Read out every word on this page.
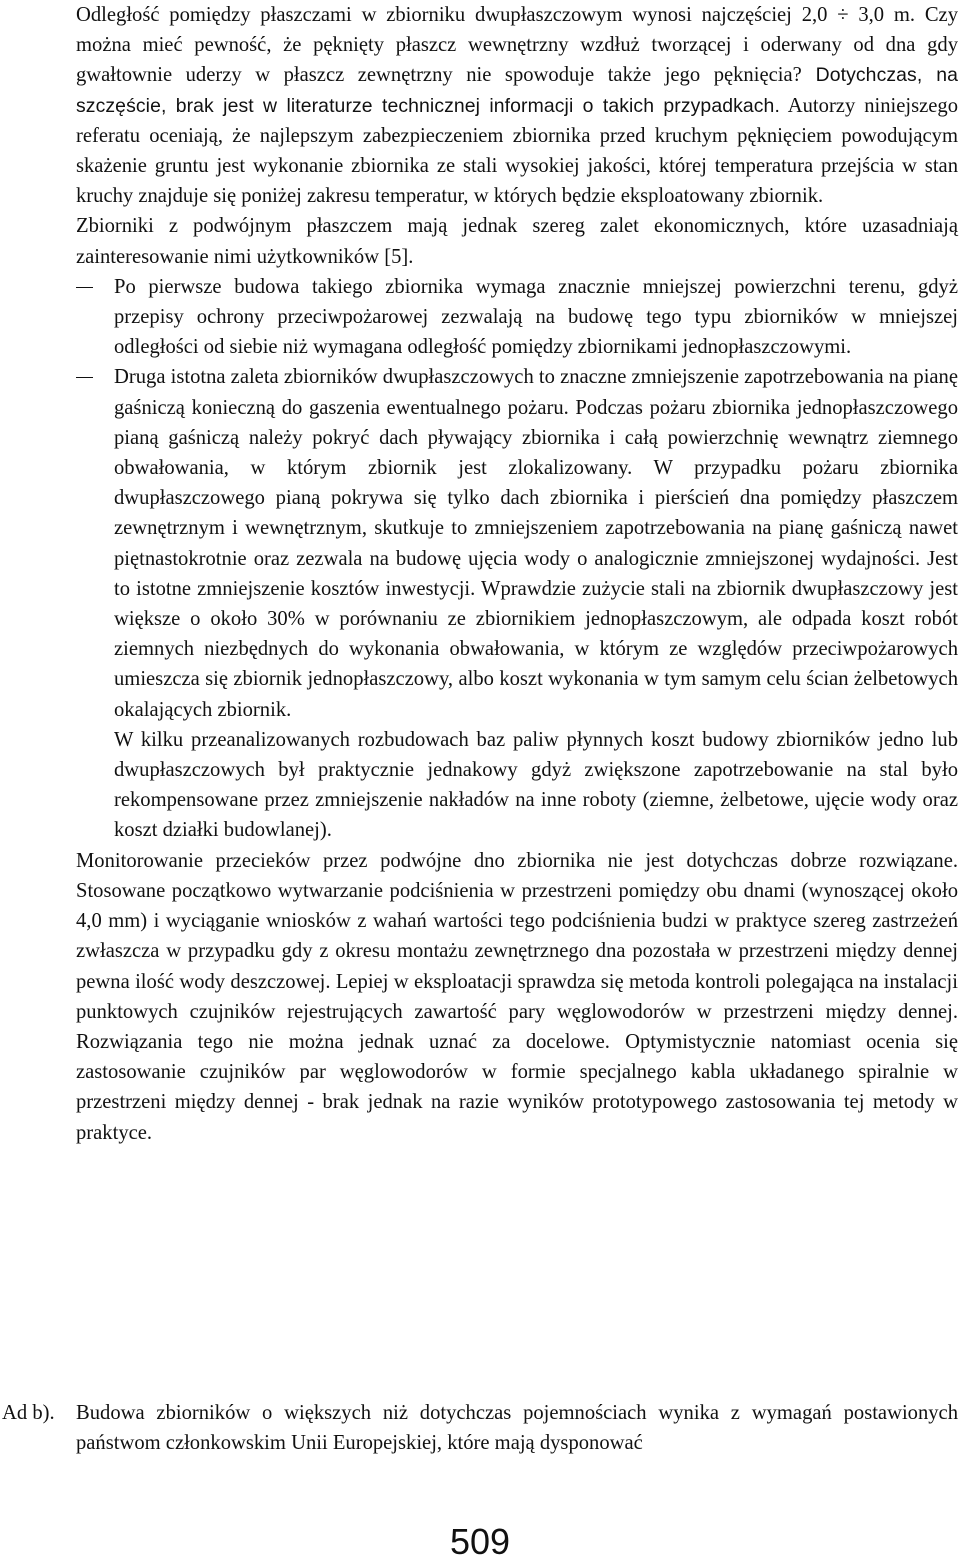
Odległość pomiędzy płaszczami w zbiorniku dwupłaszczowym wynosi najczęściej 2,0 ÷ 3,0 m. Czy można mieć pewność, że pęknięty płaszcz wewnętrzny wzdłuż tworzącej i oderwany od dna gdy gwałtownie uderzy w płaszcz zewnętrzny nie spowoduje także jego pęknięcia? Dotychczas, na szczęście, brak jest w literaturze technicznej informacji o takich przypadkach. Autorzy niniejszego referatu oceniają, że najlepszym zabezpieczeniem zbiornika przed kruchym pęknięciem powodującym skażenie gruntu jest wykonanie zbiornika ze stali wysokiej jakości, której temperatura przejścia w stan kruchy znajduje się poniżej zakresu temperatur, w których będzie eksploatowany zbiornik.

Zbiorniki z podwójnym płaszczem mają jednak szereg zalet ekonomicznych, które uzasadniają zainteresowanie nimi użytkowników [5].

Po pierwsze budowa takiego zbiornika wymaga znacznie mniejszej powierzchni terenu, gdyż przepisy ochrony przeciwpożarowej zezwalają na budowę tego typu zbiorników w mniejszej odległości od siebie niż wymagana odległość pomiędzy zbiornikami jednopłaszczowymi.

Druga istotna zaleta zbiorników dwupłaszczowych to znaczne zmniejszenie zapotrzebowania na pianę gaśniczą konieczną do gaszenia ewentualnego pożaru. Podczas pożaru zbiornika jednopłaszczowego pianą gaśniczą należy pokryć dach pływający zbiornika i całą powierzchnię wewnątrz ziemnego obwałowania, w którym zbiornik jest zlokalizowany. W przypadku pożaru zbiornika dwupłaszczowego pianą pokrywa się tylko dach zbiornika i pierścień dna pomiędzy płaszczem zewnętrznym i wewnętrznym, skutkuje to zmniejszeniem zapotrzebowania na pianę gaśniczą nawet piętnastokrotnie oraz zezwala na budowę ujęcia wody o analogicznie zmniejszonej wydajności. Jest to istotne zmniejszenie kosztów inwestycji. Wprawdzie zużycie stali na zbiornik dwupłaszczowy jest większe o około 30% w porównaniu ze zbiornikiem jednopłaszczowym, ale odpada koszt robót ziemnych niezbędnych do wykonania obwałowania, w którym ze względów przeciwpożarowych umieszcza się zbiornik jednopłaszczowy, albo koszt wykonania w tym samym celu ścian żelbetowych okalających zbiornik.

W kilku przeanalizowanych rozbudowach baz paliw płynnych koszt budowy zbiorników jedno lub dwupłaszczowych był praktycznie jednakowy gdyż zwiększone zapotrzebowanie na stal było rekompensowane przez zmniejszenie nakładów na inne roboty (ziemne, żelbetowe, ujęcie wody oraz koszt działki budowlanej).

Monitorowanie przecieków przez podwójne dno zbiornika nie jest dotychczas dobrze rozwiązane. Stosowane początkowo wytwarzanie podciśnienia w przestrzeni pomiędzy obu dnami (wynoszącej około 4,0 mm) i wyciąganie wniosków z wahań wartości tego podciśnienia budzi w praktyce szereg zastrzeżeń zwłaszcza w przypadku gdy z okresu montażu zewnętrznego dna pozostała w przestrzeni między dennej pewna ilość wody deszczowej. Lepiej w eksploatacji sprawdza się metoda kontroli polegająca na instalacji punktowych czujników rejestrujących zawartość pary węglowodorów w przestrzeni między dennej. Rozwiązania tego nie można jednak uznać za docelowe. Optymistycznie natomiast ocenia się zastosowanie czujników par węglowodorów w formie specjalnego kabla układanego spiralnie w przestrzeni między dennej - brak jednak na razie wyników prototypowego zastosowania tej metody w praktyce.

Ad b). Budowa zbiorników o większych niż dotychczas pojemnościach wynika z wymagań postawionych państwom członkowskim Unii Europejskiej, które mają dysponować

509
